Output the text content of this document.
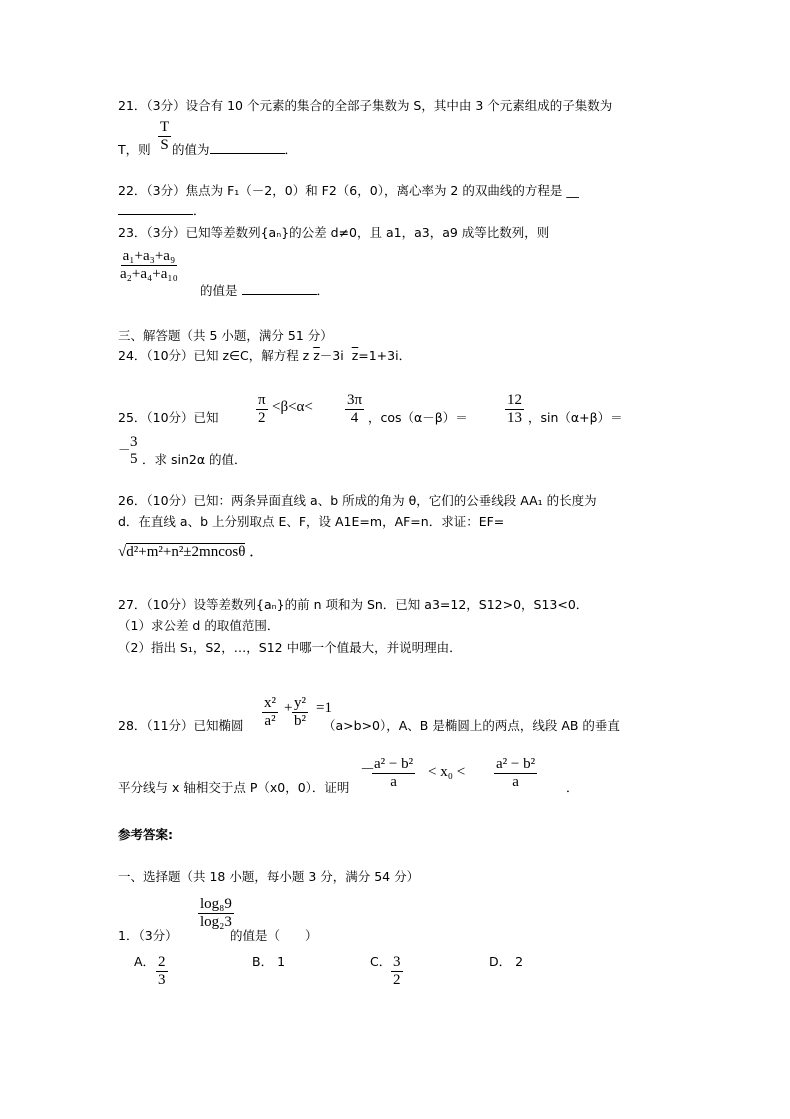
21．（3分）设合有 10 个元素的集合的全部子集数为 S，其中由 3 个元素组成的子集数为
T，则 $\frac{T}{S}$ 的值为	．
22．（3分）焦点为 F₁（－2，0）和 F2（6，0），离心率为 2 的双曲线的方程是 __
．
23．（3分）已知等差数列{aₙ}的公差 d≠0，且 a1，a3，a9 成等比数列，则
$\frac{\text{a₁+a₃+a₉}}{\text{a₂+a₄+a₁₀}}$
的值是	．
三、解答题（共 5 小题，满分 51 分）
24．（10分）已知 z∈C，解方程 z $\overline{z}-3i$ $\overline{z}=1+3i$．
25．（10分）已知
π
2
<β<α< 3π
4 ，cos（α－β）＝
12
13 ，sin（α+β）＝
－ 3
5 ．求 sin2α 的值．
26．（10分）已知：两条异面直线 a、b 所成的角为 θ，它们的公垂线段 AA₁ 的长度为
d．在直线 a、b 上分别取点 E、F，设 A1E=m，AF=n．求证：EF=
√d²+m²+n²±2mncosθ ．
27．（10分）设等差数列{aₙ}的前 n 项和为 Sn．已知 a3=12，S12>0，S13<0．
（1）求公差 d 的取值范围．
（2）指出 S₁，S2，…，S12 中哪一个值最大，并说明理由．
28．（11分）已知椭圆
x²
a²
+ y²
b²
=1
（a>b>0），A、B 是椭圆上的两点，线段 AB 的垂直
平分线与 x 轴相交于点 P（x0，0）．证明
－
a² − b²
a
< x₀ < a² − b²
a	．
参考答案:
一、选择题（共 18 小题，每小题 3 分，满分 54 分）
1．（3分）
log₈9
log₂3
的值是（　　）
A． 2
3
B． 1	C． 3
2
D． 2
